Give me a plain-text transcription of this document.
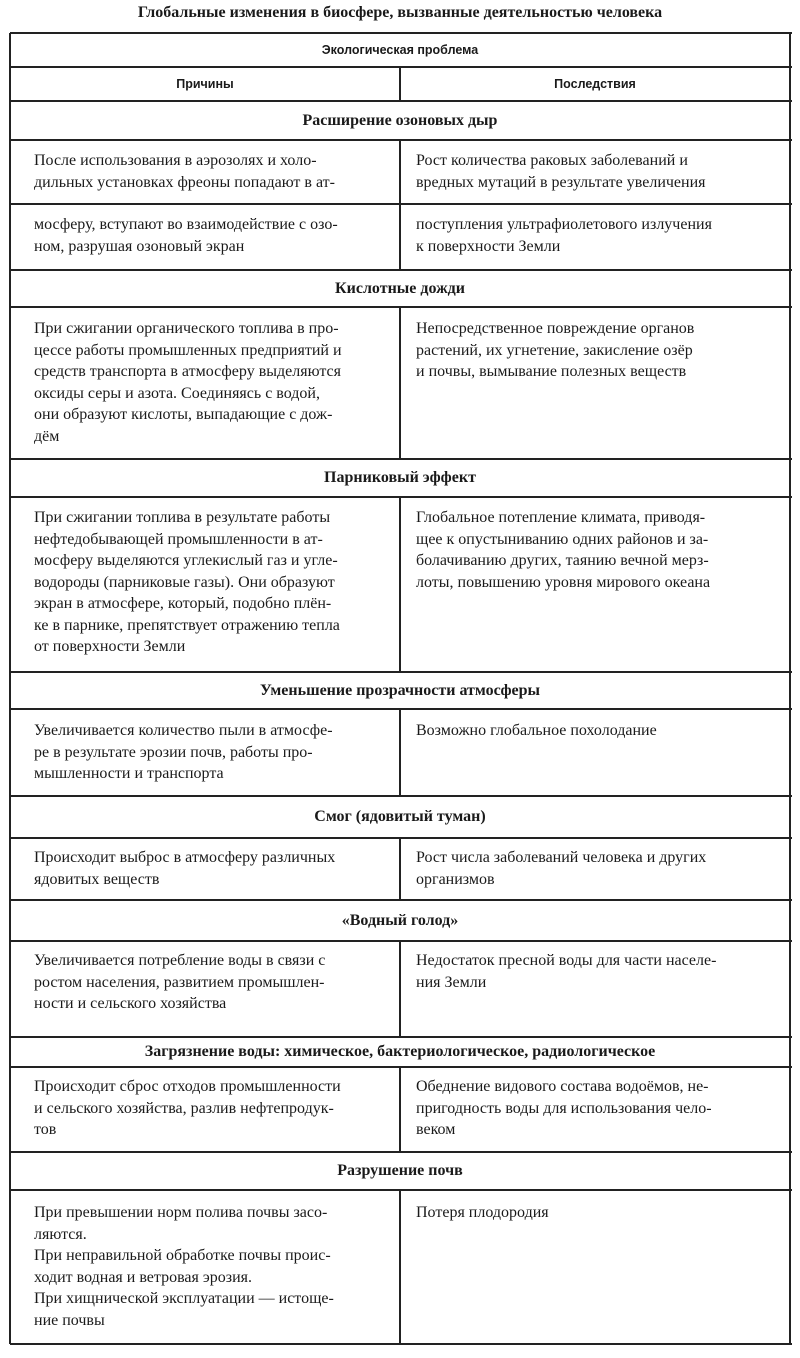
Глобальные изменения в биосфере, вызванные деятельностью человека
Экологическая проблема
Причины	Последствия
Расширение озоновых дыр
После использования в аэрозолях и холо-
дильных установках фреоны попадают в ат-
Рост количества раковых заболеваний и
вредных мутаций в результате увеличения
мосферу, вступают во взаимодействие с озо-
ном, разрушая озоновый экран
поступления ультрафиолетового излучения
к поверхности Земли
Кислотные дожди
При сжигании органического топлива в про-
цессе работы промышленных предприятий и
средств транспорта в атмосферу выделяются
оксиды серы и азота. Соединяясь с водой,
они образуют кислоты, выпадающие с дож-
дём
Непосредственное повреждение органов
растений, их угнетение, закисление озёр
и почвы, вымывание полезных веществ
Парниковый эффект
При сжигании топлива в результате работы
нефтедобывающей промышленности в ат-
мосферу выделяются углекислый газ и угле-
водороды (парниковые газы). Они образуют
экран в атмосфере, который, подобно плён-
ке в парнике, препятствует отражению тепла
от поверхности Земли
Глобальное потепление климата, приводя-
щее к опустыниванию одних районов и за-
болачиванию других, таянию вечной мерз-
лоты, повышению уровня мирового океана
Уменьшение прозрачности атмосферы
Увеличивается количество пыли в атмосфе-
ре в результате эрозии почв, работы про-
мышленности и транспорта
Возможно глобальное похолодание
Смог (ядовитый туман)
Происходит выброс в атмосферу различных
ядовитых веществ
Рост числа заболеваний человека и других
организмов
«Водный голод»
Увеличивается потребление воды в связи с
ростом населения, развитием промышлен-
ности и сельского хозяйства
Недостаток пресной воды для части населе-
ния Земли
Загрязнение воды: химическое, бактериологическое, радиологическое
Происходит сброс отходов промышленности
и сельского хозяйства, разлив нефтепродук-
тов
Обеднение видового состава водоёмов, не-
пригодность воды для использования чело-
веком
Разрушение почв
При превышении норм полива почвы засо-
ляются.
При неправильной обработке почвы проис-
ходит водная и ветровая эрозия.
При хищнической эксплуатации — истоще-
ние почвы
Потеря плодородия
